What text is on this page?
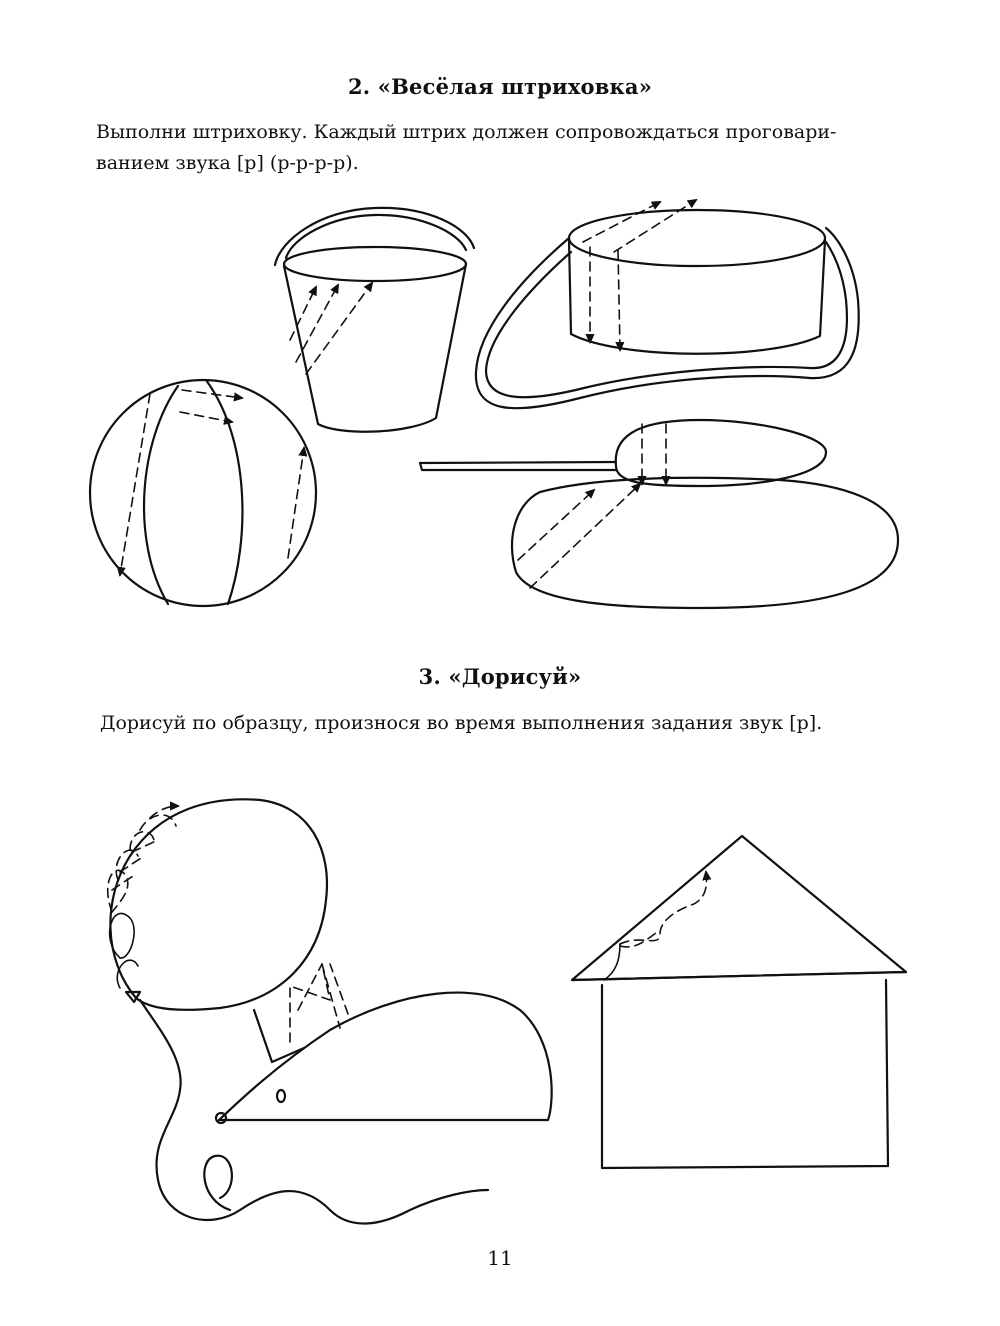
2. «Весёлая штриховка»
Выполни штриховку. Каждый штрих должен сопровождаться проговари-
ванием звука [р] (р-р-р-р).
3. «Дорисуй»
Дорисуй по образцу, произнося во время выполнения задания звук [р].
11
